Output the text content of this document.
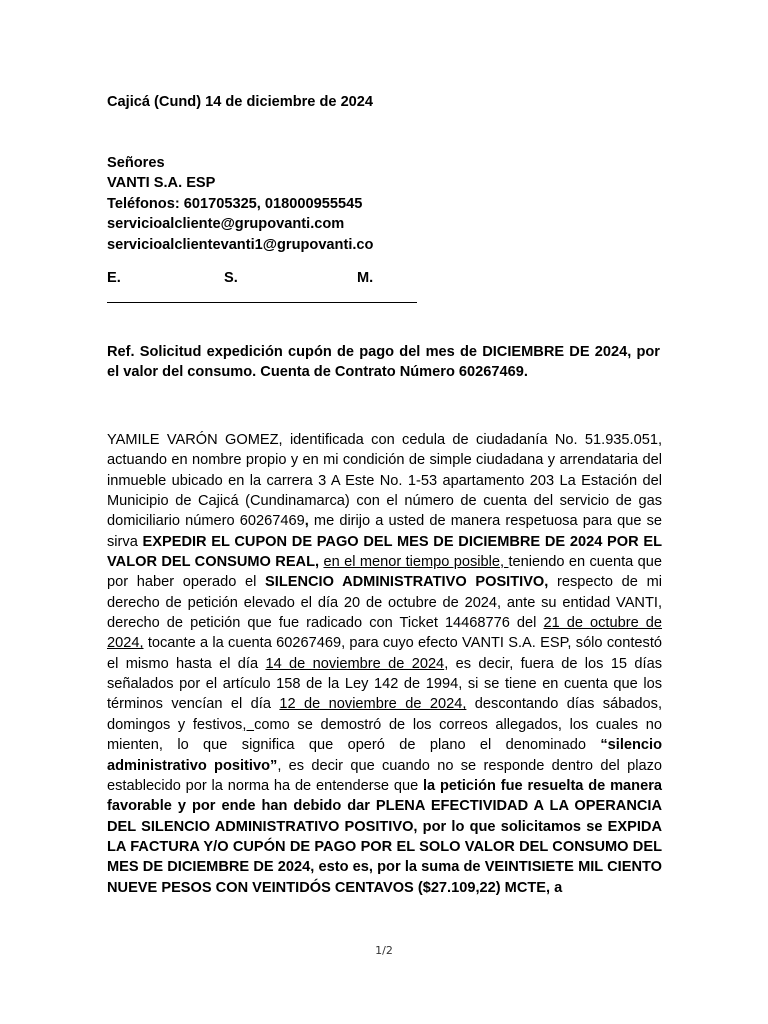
Cajicá (Cund) 14 de diciembre de 2024

Señores
VANTI S.A. ESP
Teléfonos: 601705325, 018000955545
servicioalcliente@grupovanti.com
servicioalclientevanti1@grupovanti.co
E.	S.	M.

Ref. Solicitud expedición cupón de pago del mes de DICIEMBRE DE 2024, por el valor del consumo. Cuenta de Contrato Número 60267469.

YAMILE VARÓN GOMEZ, identificada con cedula de ciudadanía No. 51.935.051, actuando en nombre propio y en mi condición de simple ciudadana y arrendataria del inmueble ubicado en la carrera 3 A Este No. 1-53 apartamento 203 La Estación del Municipio de Cajicá (Cundinamarca) con el número de cuenta del servicio de gas domiciliario número 60267469, me dirijo a usted de manera respetuosa para que se sirva EXPEDIR EL CUPON DE PAGO DEL MES DE DICIEMBRE DE 2024 POR EL VALOR DEL CONSUMO REAL, en el menor tiempo posible, teniendo en cuenta que por haber operado el SILENCIO ADMINISTRATIVO POSITIVO, respecto de mi derecho de petición elevado el día 20 de octubre de 2024, ante su entidad VANTI, derecho de petición que fue radicado con Ticket 14468776 del 21 de octubre de 2024, tocante a la cuenta 60267469, para cuyo efecto VANTI S.A. ESP, sólo contestó el mismo hasta el día 14 de noviembre de 2024, es decir, fuera de los 15 días señalados por el artículo 158 de la Ley 142 de 1994, si se tiene en cuenta que los términos vencían el día 12 de noviembre de 2024, descontando días sábados, domingos y festivos, como se demostró de los correos allegados, los cuales no mienten, lo que significa que operó de plano el denominado “silencio administrativo positivo”, es decir que cuando no se responde dentro del plazo establecido por la norma ha de entenderse que la petición fue resuelta de manera favorable y por ende han debido dar PLENA EFECTIVIDAD A LA OPERANCIA DEL SILENCIO ADMINISTRATIVO POSITIVO, por lo que solicitamos se EXPIDA LA FACTURA Y/O CUPÓN DE PAGO POR EL SOLO VALOR DEL CONSUMO DEL MES DE DICIEMBRE DE 2024, esto es, por la suma de VEINTISIETE MIL CIENTO NUEVE PESOS CON VEINTIDÓS CENTAVOS ($27.109,22) MCTE, a

1/2
